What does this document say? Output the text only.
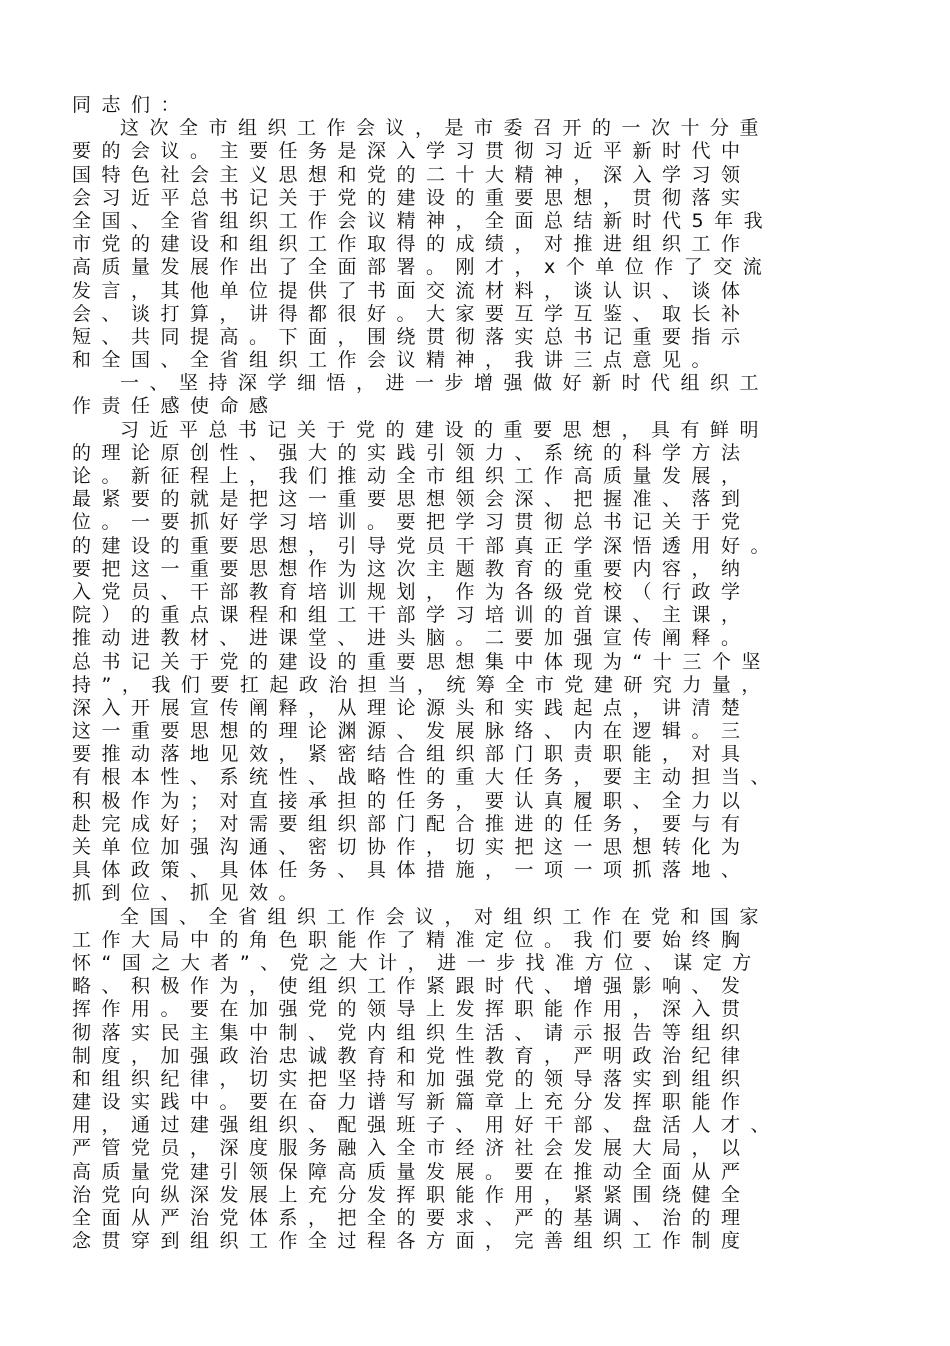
同志们：
这次全市组织工作会议，是市委召开的一次十分重
要的会议。主要任务是深入学习贯彻习近平新时代中
国特色社会主义思想和党的二十大精神，深入学习领
会习近平总书记关于党的建设的重要思想，贯彻落实
全国、全省组织工作会议精神，全面总结新时代5年我
市党的建设和组织工作取得的成绩，对推进组织工作
高质量发展作出了全面部署。刚才，x个单位作了交流
发言，其他单位提供了书面交流材料，谈认识、谈体
会、谈打算，讲得都很好。大家要互学互鉴、取长补
短、共同提高。下面，围绕贯彻落实总书记重要指示
和全国、全省组织工作会议精神，我讲三点意见。
一、坚持深学细悟，进一步增强做好新时代组织工
作责任感使命感
习近平总书记关于党的建设的重要思想，具有鲜明
的理论原创性、强大的实践引领力、系统的科学方法
论。新征程上，我们推动全市组织工作高质量发展，
最紧要的就是把这一重要思想领会深、把握准、落到
位。一要抓好学习培训。要把学习贯彻总书记关于党
的建设的重要思想，引导党员干部真正学深悟透用好。
要把这一重要思想作为这次主题教育的重要内容，纳
入党员、干部教育培训规划，作为各级党校（行政学
院）的重点课程和组工干部学习培训的首课、主课，
推动进教材、进课堂、进头脑。二要加强宣传阐释。
总书记关于党的建设的重要思想集中体现为“十三个坚
持”，我们要扛起政治担当，统筹全市党建研究力量，
深入开展宣传阐释，从理论源头和实践起点，讲清楚
这一重要思想的理论渊源、发展脉络、内在逻辑。三
要推动落地见效，紧密结合组织部门职责职能，对具
有根本性、系统性、战略性的重大任务，要主动担当、
积极作为；对直接承担的任务，要认真履职、全力以
赴完成好；对需要组织部门配合推进的任务，要与有
关单位加强沟通、密切协作，切实把这一思想转化为
具体政策、具体任务、具体措施，一项一项抓落地、
抓到位、抓见效。
全国、全省组织工作会议，对组织工作在党和国家
工作大局中的角色职能作了精准定位。我们要始终胸
怀“国之大者”、党之大计，进一步找准方位、谋定方
略、积极作为，使组织工作紧跟时代、增强影响、发
挥作用。要在加强党的领导上发挥职能作用，深入贯
彻落实民主集中制、党内组织生活、请示报告等组织
制度，加强政治忠诚教育和党性教育，严明政治纪律
和组织纪律，切实把坚持和加强党的领导落实到组织
建设实践中。要在奋力谱写新篇章上充分发挥职能作
用，通过建强组织、配强班子、用好干部、盘活人才、
严管党员，深度服务融入全市经济社会发展大局，以
高质量党建引领保障高质量发展。要在推动全面从严
治党向纵深发展上充分发挥职能作用，紧紧围绕健全
全面从严治党体系，把全的要求、严的基调、治的理
念贯穿到组织工作全过程各方面，完善组织工作制度
